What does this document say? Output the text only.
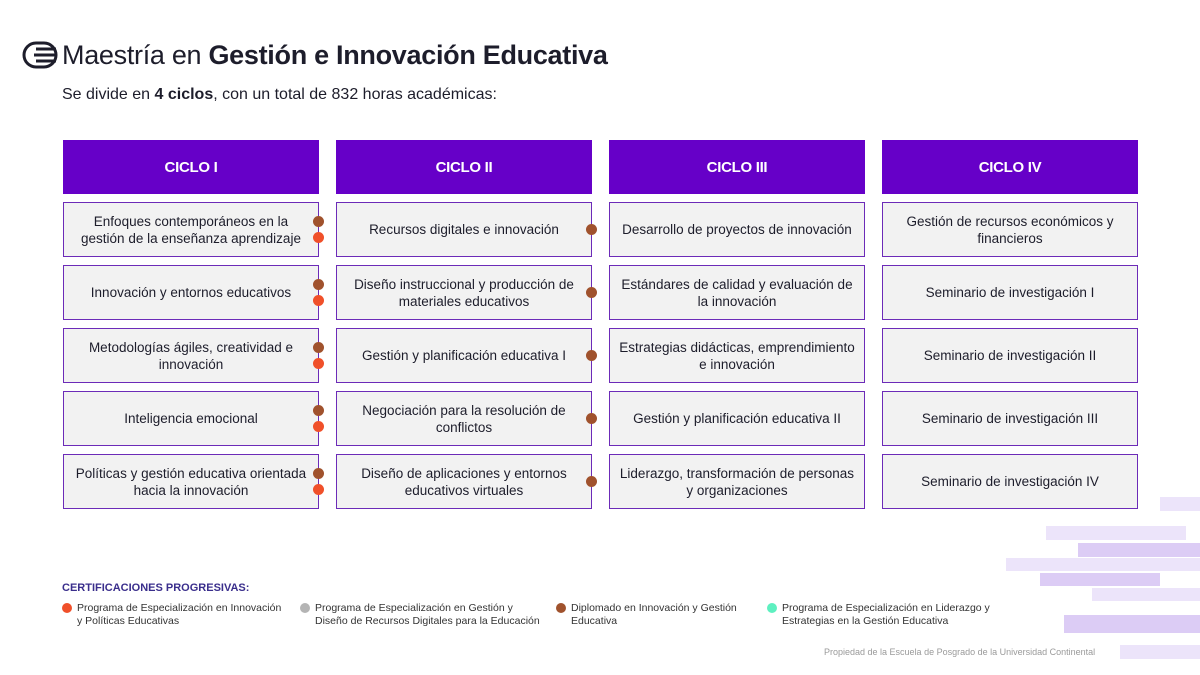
Maestría en Gestión e Innovación Educativa
Se divide en 4 ciclos, con un total de 832 horas académicas:
CICLO I
Enfoques contemporáneos en la gestión de la enseñanza aprendizaje
Innovación y entornos educativos
Metodologías ágiles, creatividad e innovación
Inteligencia emocional
Políticas y gestión educativa orientada hacia la innovación
CICLO II
Recursos digitales e innovación
Diseño instruccional y producción de materiales educativos
Gestión y planificación educativa I
Negociación para la resolución de conflictos
Diseño de aplicaciones y entornos educativos virtuales
CICLO III
Desarrollo de proyectos de innovación
Estándares de calidad y evaluación de la innovación
Estrategias didácticas, emprendimiento e innovación
Gestión y planificación educativa II
Liderazgo, transformación de personas y organizaciones
CICLO IV
Gestión de recursos económicos y financieros
Seminario de investigación I
Seminario de investigación II
Seminario de investigación III
Seminario de investigación IV
CERTIFICACIONES PROGRESIVAS:
Programa de Especialización en Innovación
y Políticas Educativas
Programa de Especialización en Gestión y
Diseño de Recursos Digitales para la Educación
Diplomado en Innovación y Gestión
Educativa
Programa de Especialización en Liderazgo y
Estrategias en la Gestión Educativa
Propiedad de la Escuela de Posgrado de la Universidad Continental
